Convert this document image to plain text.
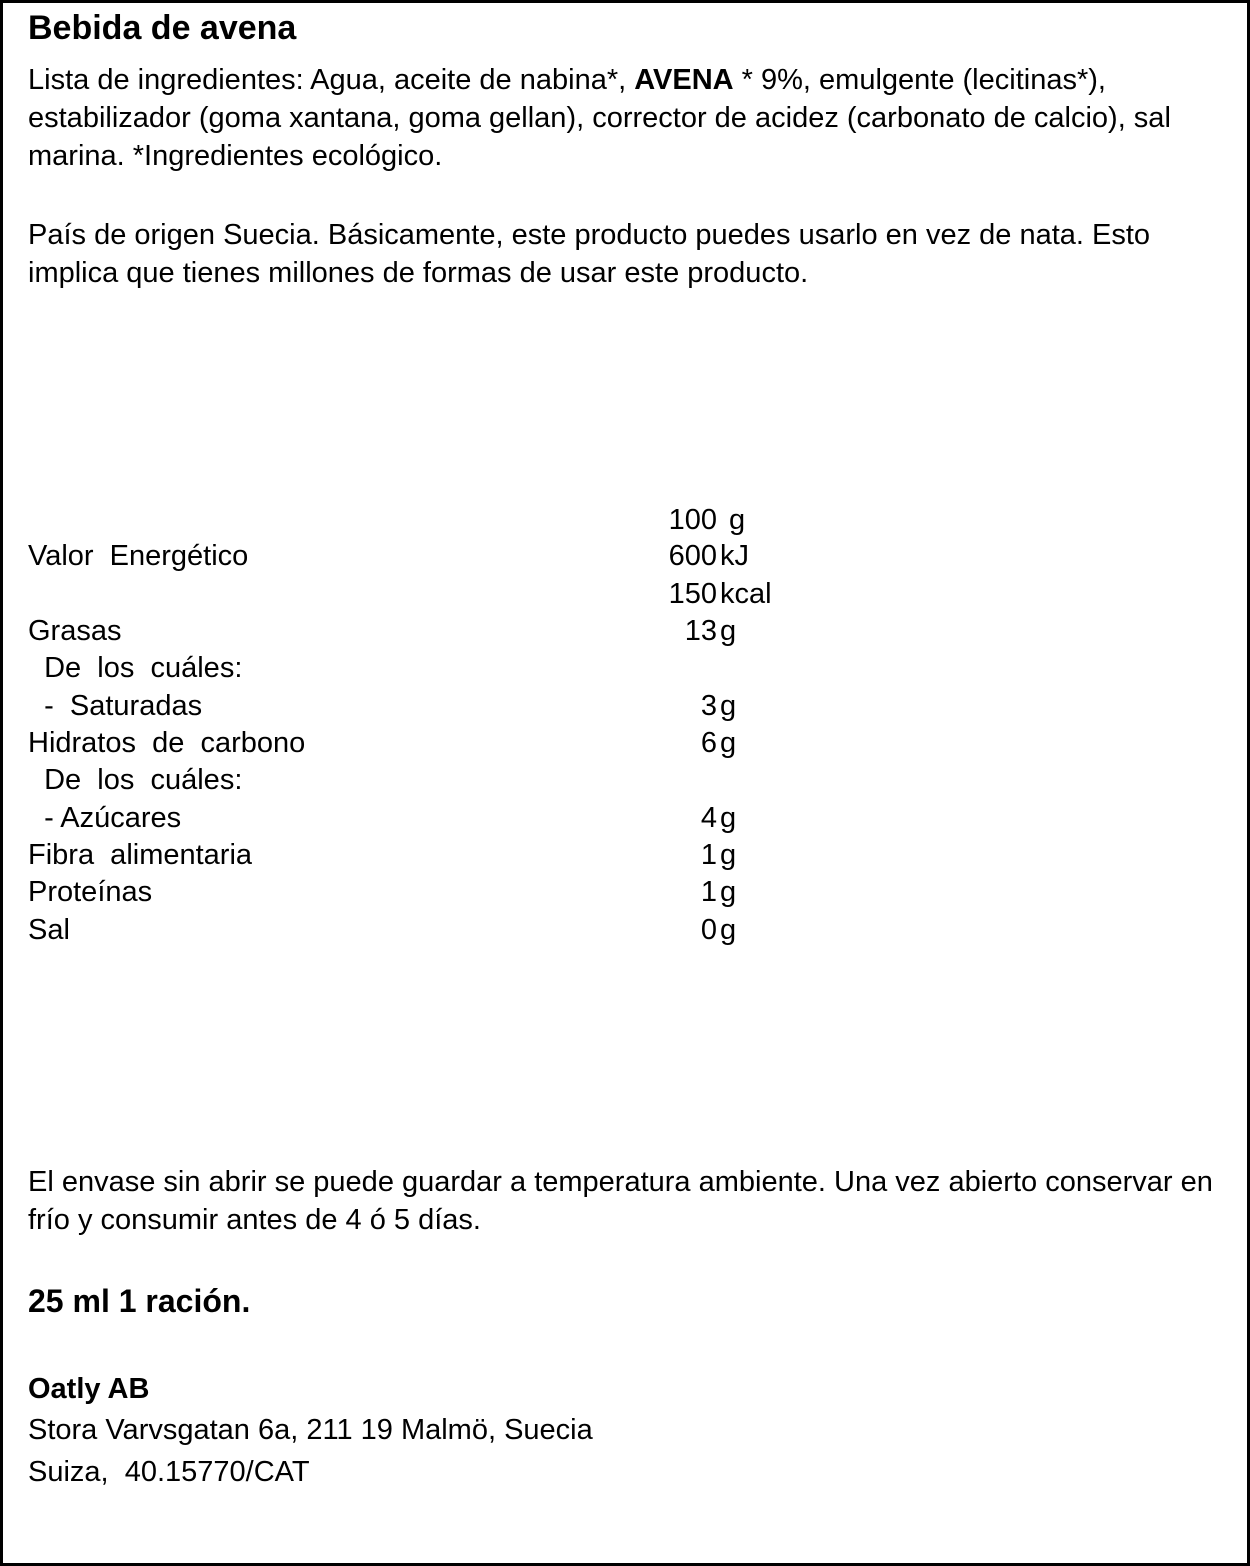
Bebida de avena
Lista de ingredientes: Agua, aceite de nabina*, AVENA * 9%, emulgente (lecitinas*), estabilizador (goma xantana, goma gellan), corrector de acidez (carbonato de calcio), sal marina. *Ingredientes ecológico.
País de origen Suecia. Básicamente, este producto puedes usarlo en vez de nata. Esto implica que tienes millones de formas de usar este producto.
100 g
Valor  Energético	600 kJ
150 kcal
Grasas	13 g
De  los  cuáles:
-  Saturadas	3 g
Hidratos  de  carbono	6 g
De  los  cuáles:
- Azúcares	4 g
Fibra  alimentaria	1 g
Proteínas	1 g
Sal	0 g
El envase sin abrir se puede guardar a temperatura ambiente. Una vez abierto conservar en frío y consumir antes de 4 ó 5 días.
25 ml 1 ración.
Oatly AB
Stora Varvsgatan 6a, 211 19 Malmö, Suecia
Suiza,  40.15770/CAT
